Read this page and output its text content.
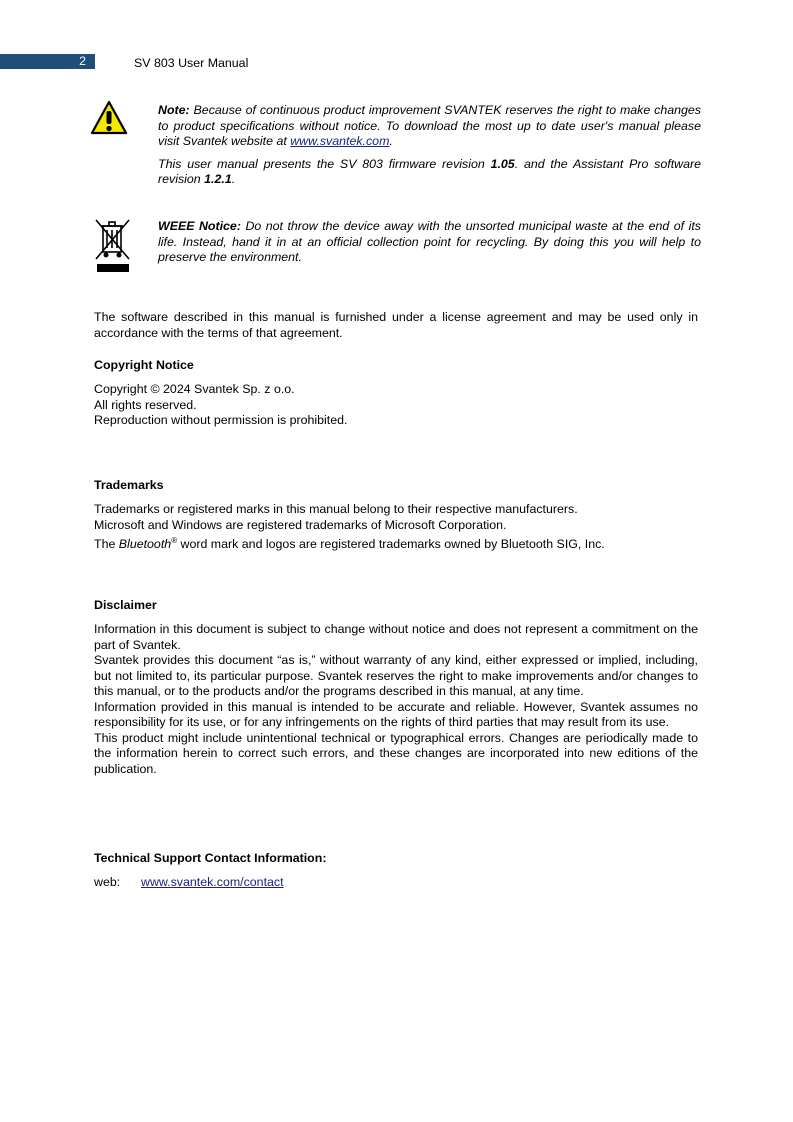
2	SV 803 User Manual

Note: Because of continuous product improvement SVANTEK reserves the right to make changes to product specifications without notice. To download the most up to date user's manual please visit Svantek website at www.svantek.com.

This user manual presents the SV 803 firmware revision 1.05. and the Assistant Pro software revision 1.2.1.

WEEE Notice: Do not throw the device away with the unsorted municipal waste at the end of its life. Instead, hand it in at an official collection point for recycling. By doing this you will help to preserve the environment.

The software described in this manual is furnished under a license agreement and may be used only in accordance with the terms of that agreement.

Copyright Notice

Copyright © 2024 Svantek Sp. z o.o.

All rights reserved.

Reproduction without permission is prohibited.

Trademarks

Trademarks or registered marks in this manual belong to their respective manufacturers.

Microsoft and Windows are registered trademarks of Microsoft Corporation.

The Bluetooth® word mark and logos are registered trademarks owned by Bluetooth SIG, Inc.

Disclaimer

Information in this document is subject to change without notice and does not represent a commitment on the part of Svantek.

Svantek provides this document “as is,” without warranty of any kind, either expressed or implied, including, but not limited to, its particular purpose. Svantek reserves the right to make improvements and/or changes to this manual, or to the products and/or the programs described in this manual, at any time.

Information provided in this manual is intended to be accurate and reliable. However, Svantek assumes no responsibility for its use, or for any infringements on the rights of third parties that may result from its use.

This product might include unintentional technical or typographical errors. Changes are periodically made to the information herein to correct such errors, and these changes are incorporated into new editions of the publication.

Technical Support Contact Information:
web: www.svantek.com/contact
